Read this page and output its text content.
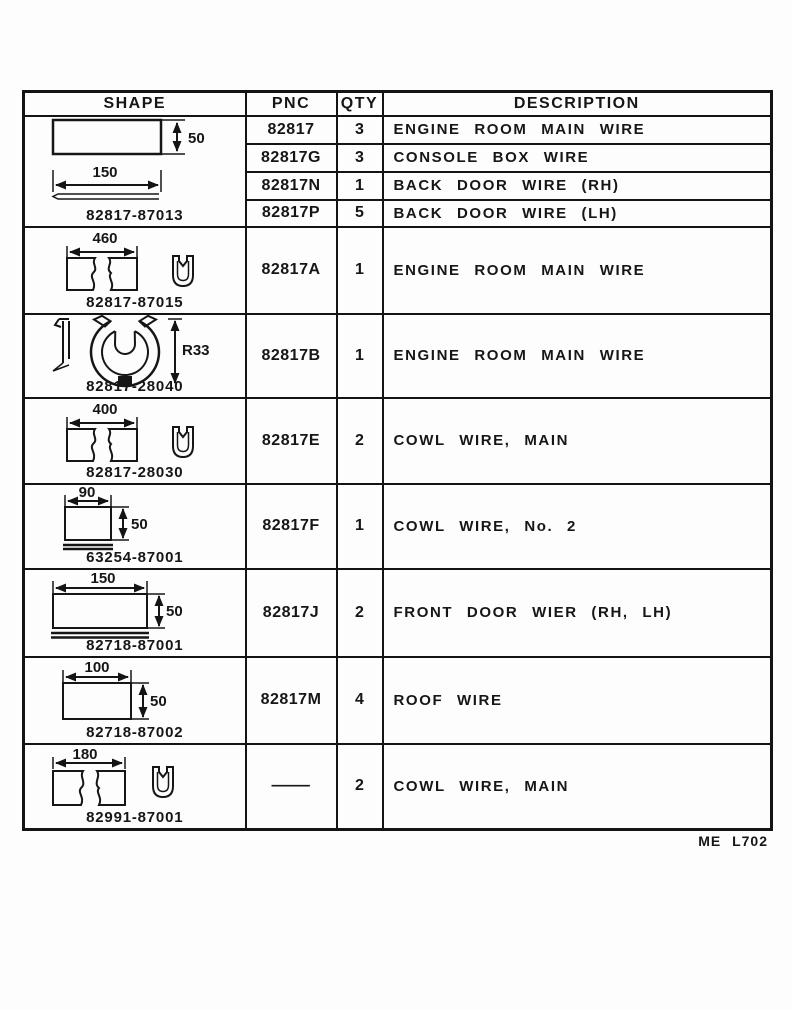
SHAPE	PNC	QTY	DESCRIPTION

50
150
82817-87013	82817	3	ENGINE ROOM MAIN WIRE
	82817G	3	CONSOLE BOX WIRE
	82817N	1	BACK DOOR WIRE (RH)
	82817P	5	BACK DOOR WIRE (LH)

460
82817-87015	82817A	1	ENGINE ROOM MAIN WIRE

R33
82817-28040	82817B	1	ENGINE ROOM MAIN WIRE

400
82817-28030	82817E	2	COWL WIRE, MAIN

90
50
63254-87001	82817F	1	COWL WIRE, No. 2

150
50
82718-87001	82817J	2	FRONT DOOR WIER (RH, LH)

100
50
82718-87002	82817M	4	ROOF WIRE

180
82991-87001	—	2	COWL WIRE, MAIN
ME L702
